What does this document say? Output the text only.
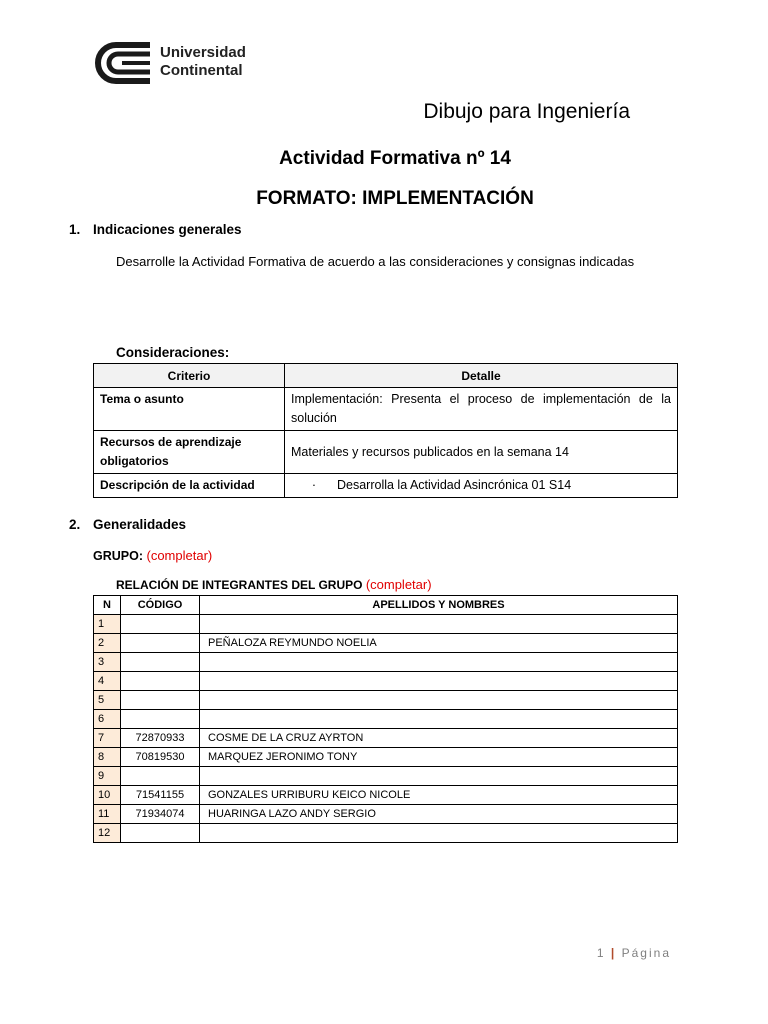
Universidad
Continental
Dibujo para Ingeniería
Actividad Formativa nº 14
FORMATO: IMPLEMENTACIÓN
1. Indicaciones generales
Desarrolle la Actividad Formativa de acuerdo a las consideraciones y consignas indicadas
Consideraciones:
Criterio	Detalle
Tema o asunto	Implementación: Presenta el proceso de implementación de la solución
Recursos de aprendizaje obligatorios	Materiales y recursos publicados en la semana 14
Descripción de la actividad	· Desarrolla la Actividad Asincrónica 01 S14
2. Generalidades
GRUPO: (completar)
RELACIÓN DE INTEGRANTES DEL GRUPO (completar)
N	CÓDIGO	APELLIDOS Y NOMBRES
1		
2		PEÑALOZA REYMUNDO NOELIA
3		
4		
5		
6		
7	72870933	COSME DE LA CRUZ AYRTON
8	70819530	MARQUEZ JERONIMO TONY
9		
10	71541155	GONZALES URRIBURU KEICO NICOLE
11	71934074	HUARINGA LAZO ANDY SERGIO
12		
1 | Página
